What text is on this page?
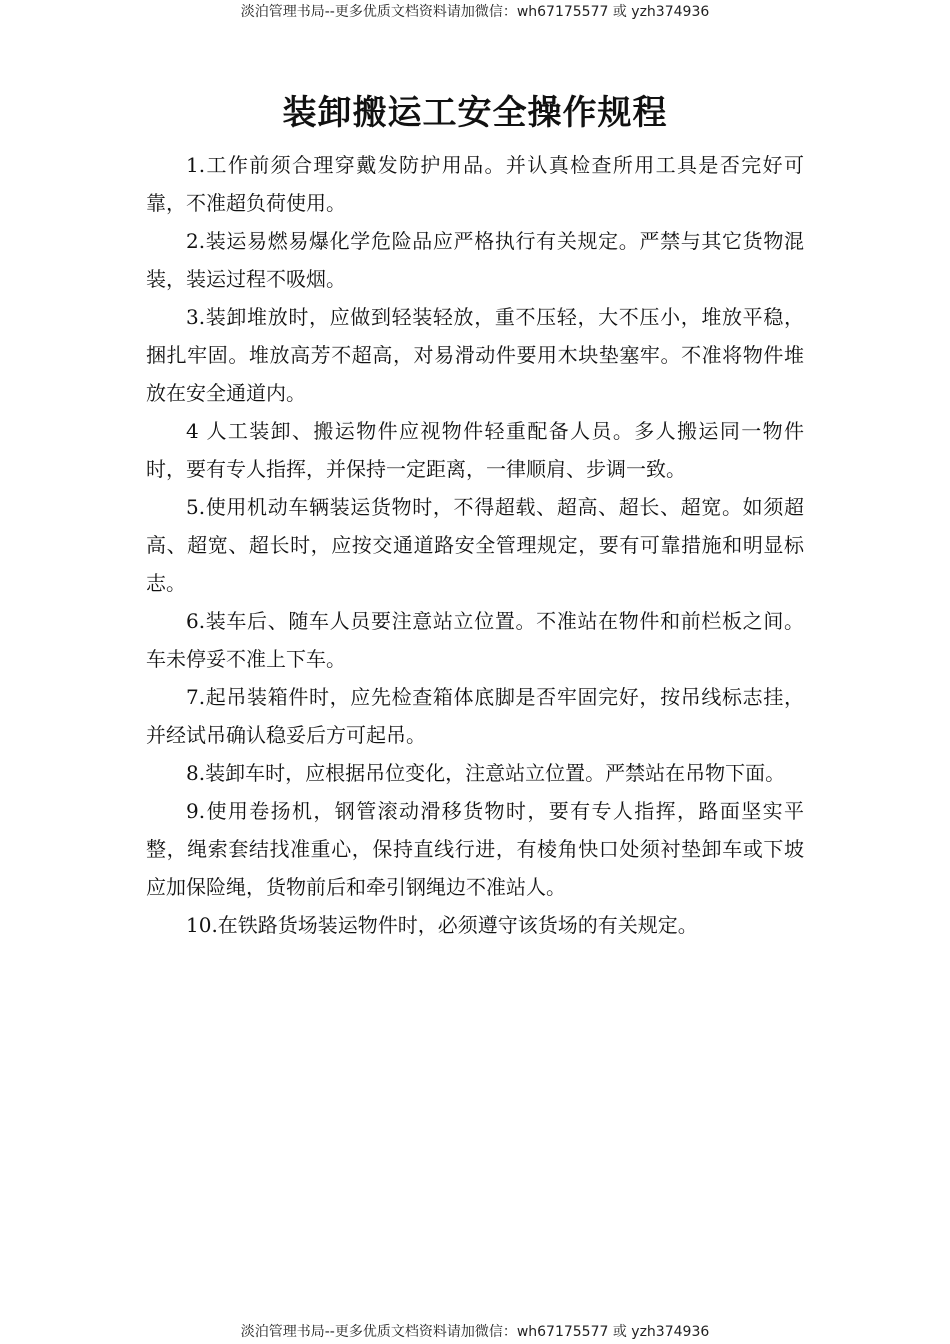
淡泊管理书局--更多优质文档资料请加微信：wh67175577 或 yzh374936
装卸搬运工安全操作规程

1.工作前须合理穿戴发防护用品。并认真检查所用工具是否完好可靠，不准超负荷使用。

2.装运易燃易爆化学危险品应严格执行有关规定。严禁与其它货物混装，装运过程不吸烟。

3.装卸堆放时，应做到轻装轻放，重不压轻，大不压小，堆放平稳，捆扎牢固。堆放高芳不超高，对易滑动件要用木块垫塞牢。不准将物件堆放在安全通道内。

4 人工装卸、搬运物件应视物件轻重配备人员。多人搬运同一物件时，要有专人指挥，并保持一定距离，一律顺肩、步调一致。

5.使用机动车辆装运货物时，不得超载、超高、超长、超宽。如须超高、超宽、超长时，应按交通道路安全管理规定，要有可靠措施和明显标志。

6.装车后、随车人员要注意站立位置。不准站在物件和前栏板之间。车未停妥不准上下车。

7.起吊装箱件时，应先检查箱体底脚是否牢固完好，按吊线标志挂，并经试吊确认稳妥后方可起吊。

8.装卸车时，应根据吊位变化，注意站立位置。严禁站在吊物下面。

9.使用卷扬机，钢管滚动滑移货物时，要有专人指挥，路面坚实平整，绳索套结找准重心，保持直线行进，有棱角快口处须衬垫卸车或下坡应加保险绳，货物前后和牵引钢绳边不准站人。

10.在铁路货场装运物件时，必须遵守该货场的有关规定。

淡泊管理书局--更多优质文档资料请加微信：wh67175577 或 yzh374936
